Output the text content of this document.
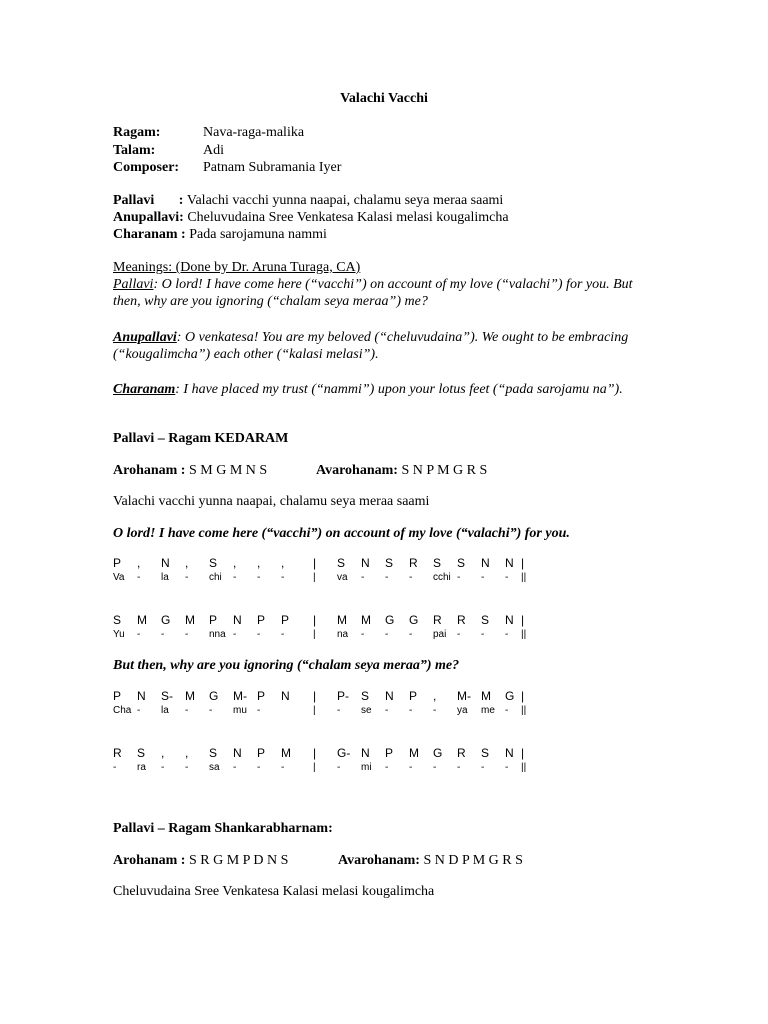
Valachi Vacchi
Ragam:	Nava-raga-malika
Talam:	Adi
Composer: Patnam Subramania Iyer
Pallavi       : Valachi vacchi yunna naapai, chalamu seya meraa saami
Anupallavi: Cheluvudaina Sree Venkatesa Kalasi melasi kougalimcha
Charanam : Pada sarojamuna nammi
Meanings: (Done by Dr. Aruna Turaga, CA)
Pallavi: O lord! I have come here (“vacchi”) on account of my love (“valachi”) for you. But then, why are you ignoring (“chalam seya meraa”) me?
Anupallavi: O venkatesa! You are my beloved (“cheluvudaina”). We ought to be embracing (“kougalimcha”) each other (“kalasi melasi”).
Charanam: I have placed my trust (“nammi”) upon your lotus feet (“pada sarojamu na”).
Pallavi – Ragam KEDARAM
Arohanam : S M G M N S	Avarohanam: S N P M G R S
Valachi vacchi yunna naapai, chalamu seya meraa saami
O lord! I have come here (“vacchi”) on account of my love (“valachi”) for you.
P , N , S , , , | S N S R S S N N |
Va - la - chi - - -	| va - - - cchi - - - ||
S M G M P N P P | M M G G R R S N |
Yu - - - nna - - -	| na - - - pai - - - ||
But then, why are you ignoring (“chalam seya meraa”) me?
P N S- M G M- P N | P- S N P , M- M G |
Cha - la - - mu -	| - se - - - ya me - ||
R S , , S N P M | G- N P M G R S N |
- ra - - sa - - -	| - mi - - - - - - ||
Pallavi – Ragam Shankarabharnam:
Arohanam : S R G M P D N S	Avarohanam: S N D P M G R S
Cheluvudaina Sree Venkatesa Kalasi melasi kougalimcha
